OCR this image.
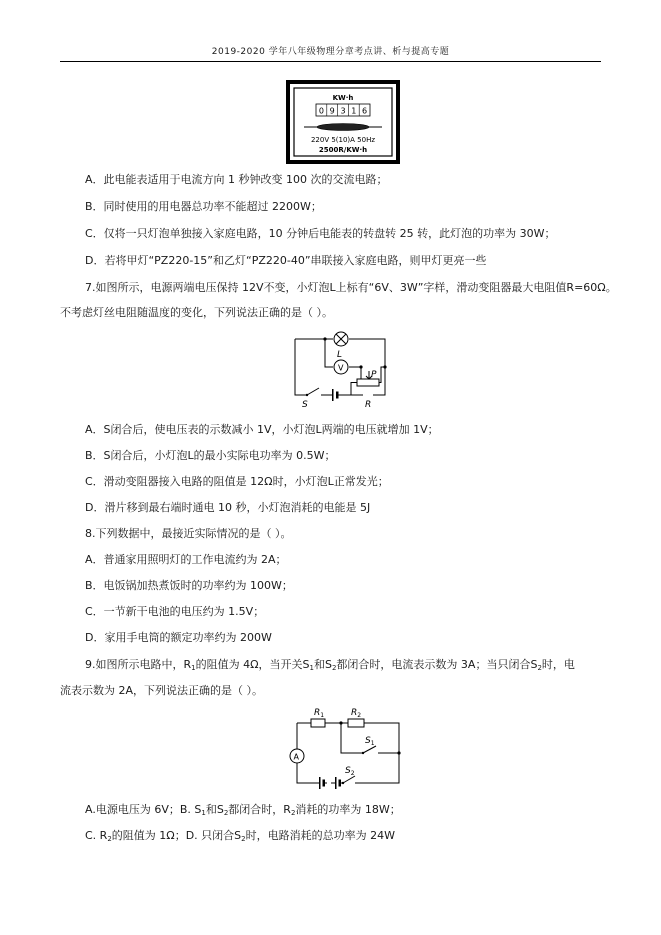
2019-2020 学年八年级物理分章考点讲、析与提高专题
KW·h
0 9 3 1 6
220V 5(10)A 50Hz
2500R/KW·h
A．此电能表适用于电流方向 1 秒钟改变 100 次的交流电路；
B．同时使用的用电器总功率不能超过 2200W；
C．仅将一只灯泡单独接入家庭电路，10 分钟后电能表的转盘转 25 转，此灯泡的功率为 30W；
D．若将甲灯“PZ220-15”和乙灯“PZ220-40”串联接入家庭电路，则甲灯更亮一些
7.如图所示，电源两端电压保持 12V不变，小灯泡L上标有“6V、3W”字样，滑动变阻器最大电阻值R=60Ω。
不考虑灯丝电阻随温度的变化，下列说法正确的是（ ）。
L
V
P
S	R
A．S闭合后，使电压表的示数减小 1V，小灯泡L两端的电压就增加 1V；
B．S闭合后，小灯泡L的最小实际电功率为 0.5W；
C．滑动变阻器接入电路的阻值是 12Ω时，小灯泡L正常发光；
D．滑片移到最右端时通电 10 秒，小灯泡消耗的电能是 5J
8.下列数据中，最接近实际情况的是（ ）。
A．普通家用照明灯的工作电流约为 2A；
B．电饭锅加热煮饭时的功率约为 100W；
C．一节新干电池的电压约为 1.5V；
D．家用手电筒的额定功率约为 200W
9.如图所示电路中，$R_1$的阻值为 4Ω，当开关$S_1$和$S_2$都闭合时，电流表示数为 3A；当只闭合$S_2$时，电
流表示数为 2A，下列说法正确的是（ ）。
A
$R_1$	$R_2$
$S_1$
$S_2$
A.电源电压为 6V；B. $S_1$和$S_2$都闭合时，$R_2$消耗的功率为 18W；
C. $R_2$的阻值为 1Ω；D. 只闭合$S_2$时，电路消耗的总功率为 24W
